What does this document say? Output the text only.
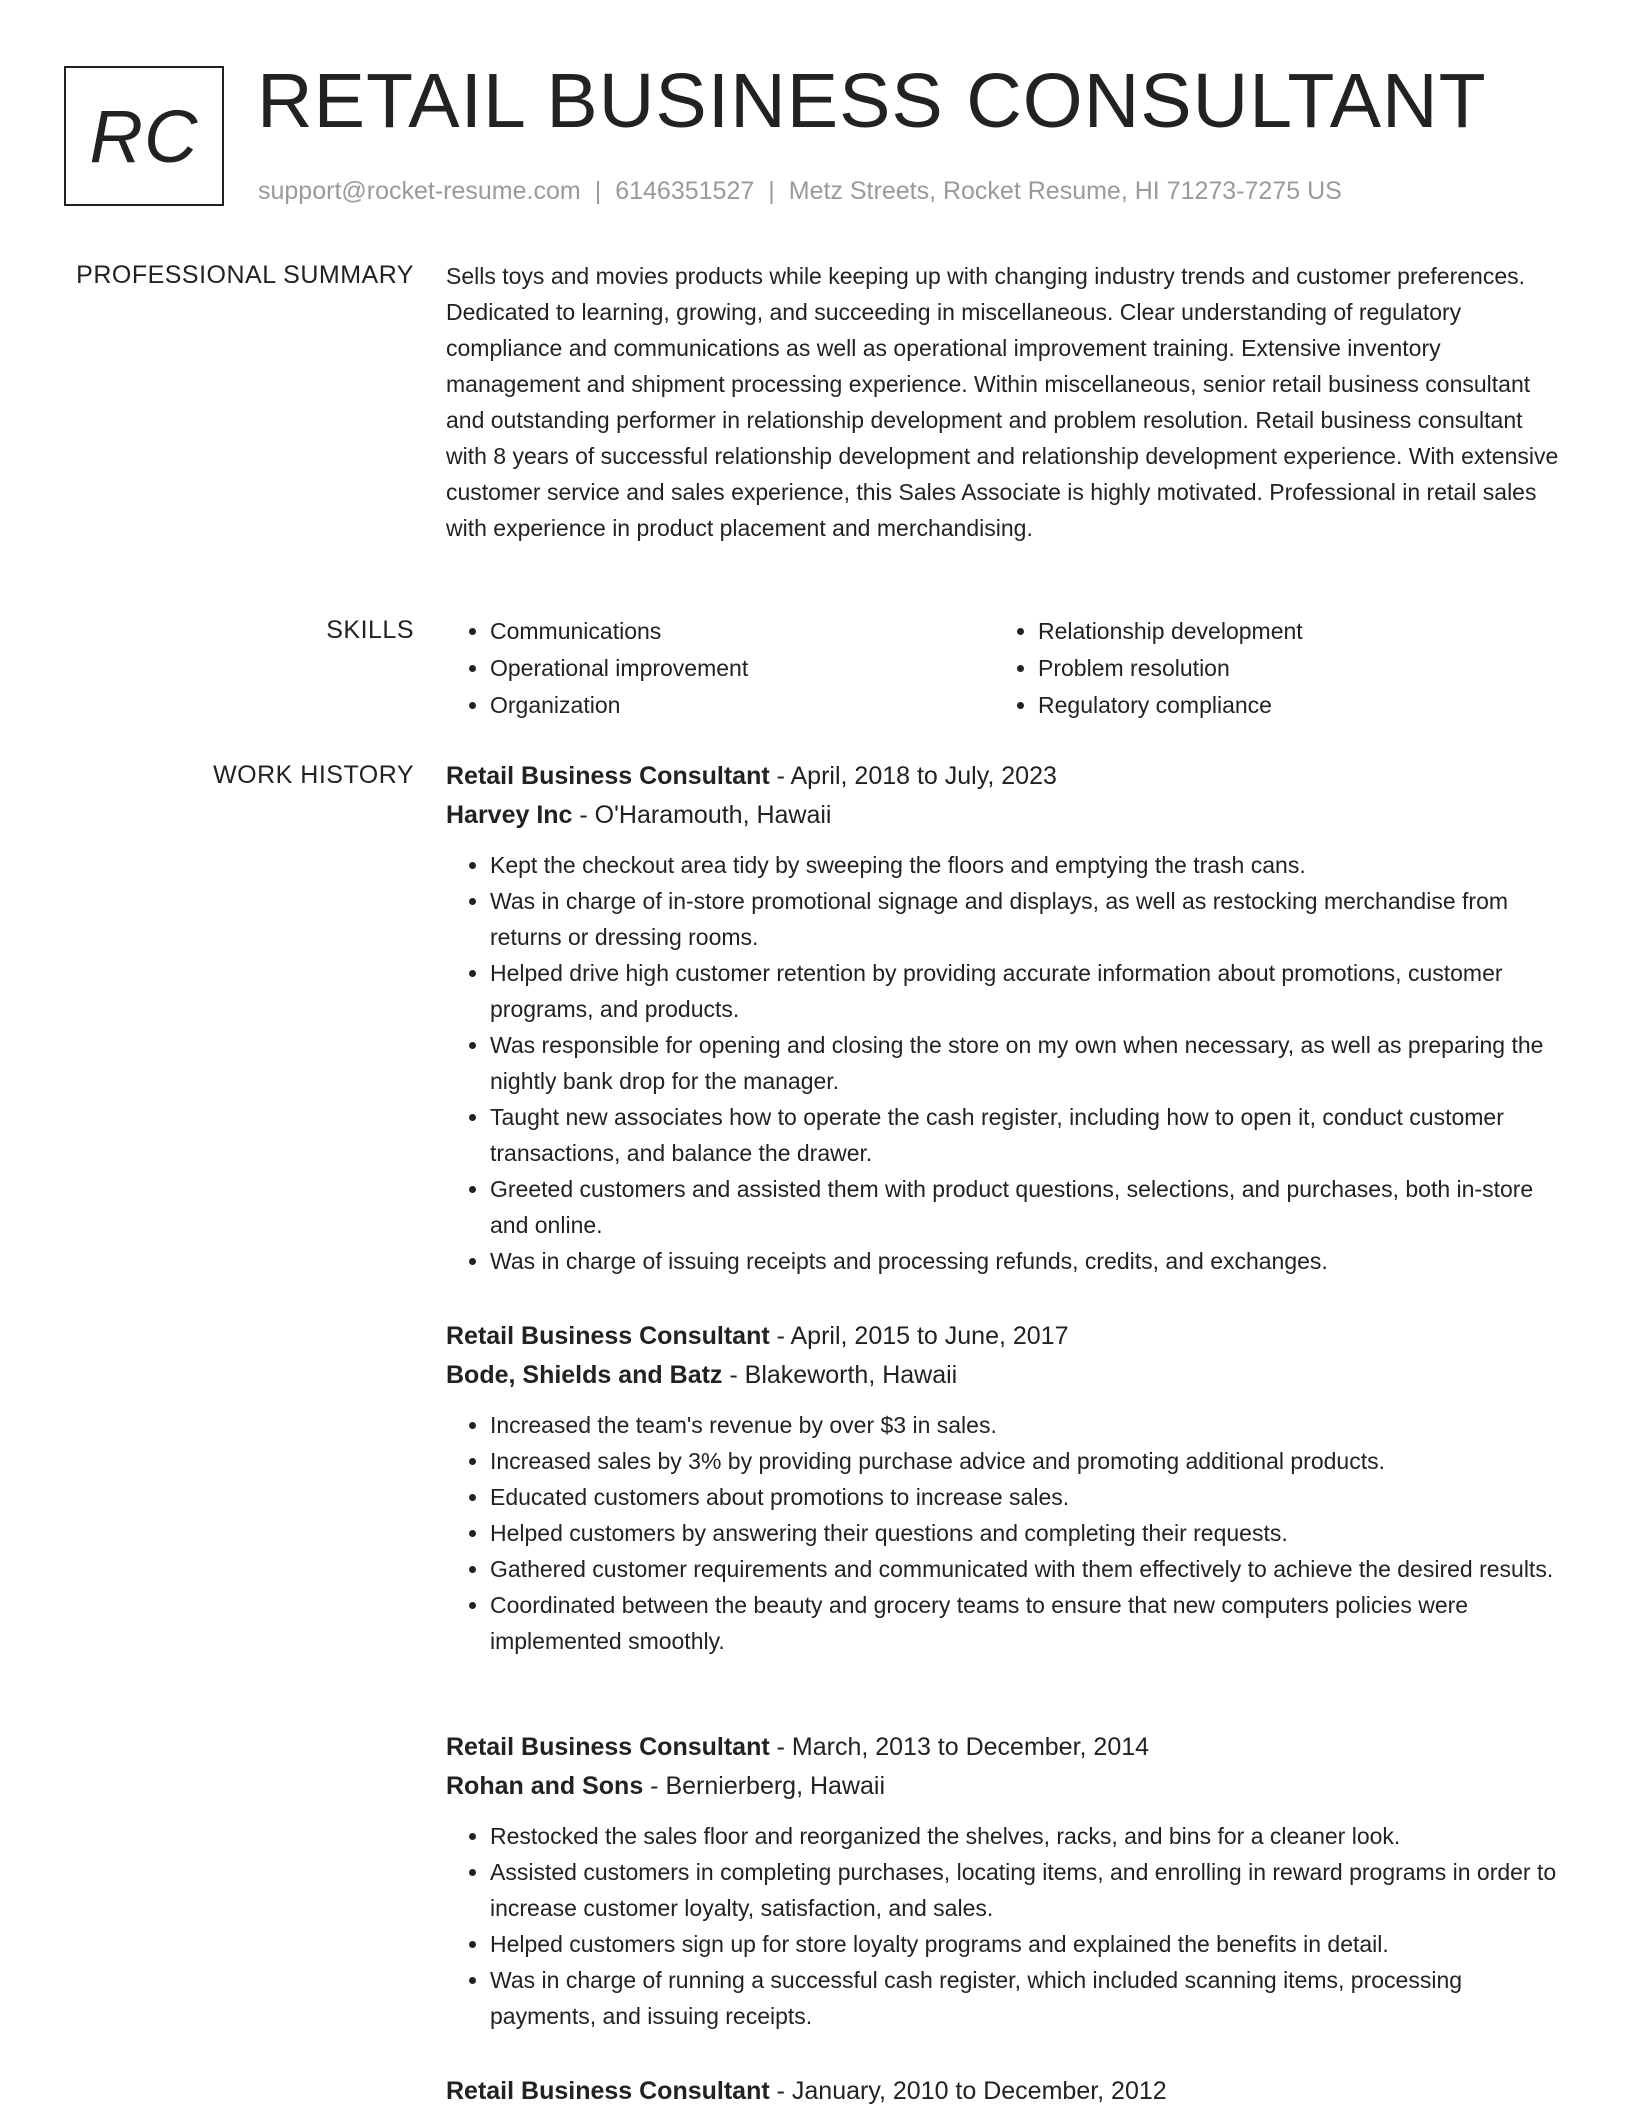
RC RETAIL BUSINESS CONSULTANT
support@rocket-resume.com | 6146351527 | Metz Streets, Rocket Resume, HI 71273-7275 US
PROFESSIONAL SUMMARY Sells toys and movies products while keeping up with changing industry trends and customer preferences. Dedicated to learning, growing, and succeeding in miscellaneous. Clear understanding of regulatory compliance and communications as well as operational improvement training. Extensive inventory management and shipment processing experience. Within miscellaneous, senior retail business consultant and outstanding performer in relationship development and problem resolution. Retail business consultant with 8 years of successful relationship development and relationship development experience. With extensive customer service and sales experience, this Sales Associate is highly motivated. Professional in retail sales with experience in product placement and merchandising.

SKILLS
•	Communications
• Operational improvement
• Organization
• Relationship development
• Problem resolution
• Regulatory compliance
WORK HISTORY Retail Business Consultant - April, 2018 to July, 2023
Harvey Inc - O'Haramouth, Hawaii
• Kept the checkout area tidy by sweeping the floors and emptying the trash cans.
• Was in charge of in-store promotional signage and displays, as well as restocking merchandise from returns or dressing rooms.
• Helped drive high customer retention by providing accurate information about promotions, customer programs, and products.
• Was responsible for opening and closing the store on my own when necessary, as well as preparing the nightly bank drop for the manager.
• Taught new associates how to operate the cash register, including how to open it, conduct customer transactions, and balance the drawer.
• Greeted customers and assisted them with product questions, selections, and purchases, both in-store and online.
• Was in charge of issuing receipts and processing refunds, credits, and exchanges.
Retail Business Consultant - April, 2015 to June, 2017
Bode, Shields and Batz - Blakeworth, Hawaii
• Increased the team's revenue by over $3 in sales.
• Increased sales by 3% by providing purchase advice and promoting additional products.
• Educated customers about promotions to increase sales.
• Helped customers by answering their questions and completing their requests.
• Gathered customer requirements and communicated with them effectively to achieve the desired results.
• Coordinated between the beauty and grocery teams to ensure that new computers policies were implemented smoothly.
Retail Business Consultant - March, 2013 to December, 2014
Rohan and Sons - Bernierberg, Hawaii
• Restocked the sales floor and reorganized the shelves, racks, and bins for a cleaner look.
• Assisted customers in completing purchases, locating items, and enrolling in reward programs in order to increase customer loyalty, satisfaction, and sales.
• Helped customers sign up for store loyalty programs and explained the benefits in detail.
• Was in charge of running a successful cash register, which included scanning items, processing payments, and issuing receipts.
Retail Business Consultant - January, 2010 to December, 2012
